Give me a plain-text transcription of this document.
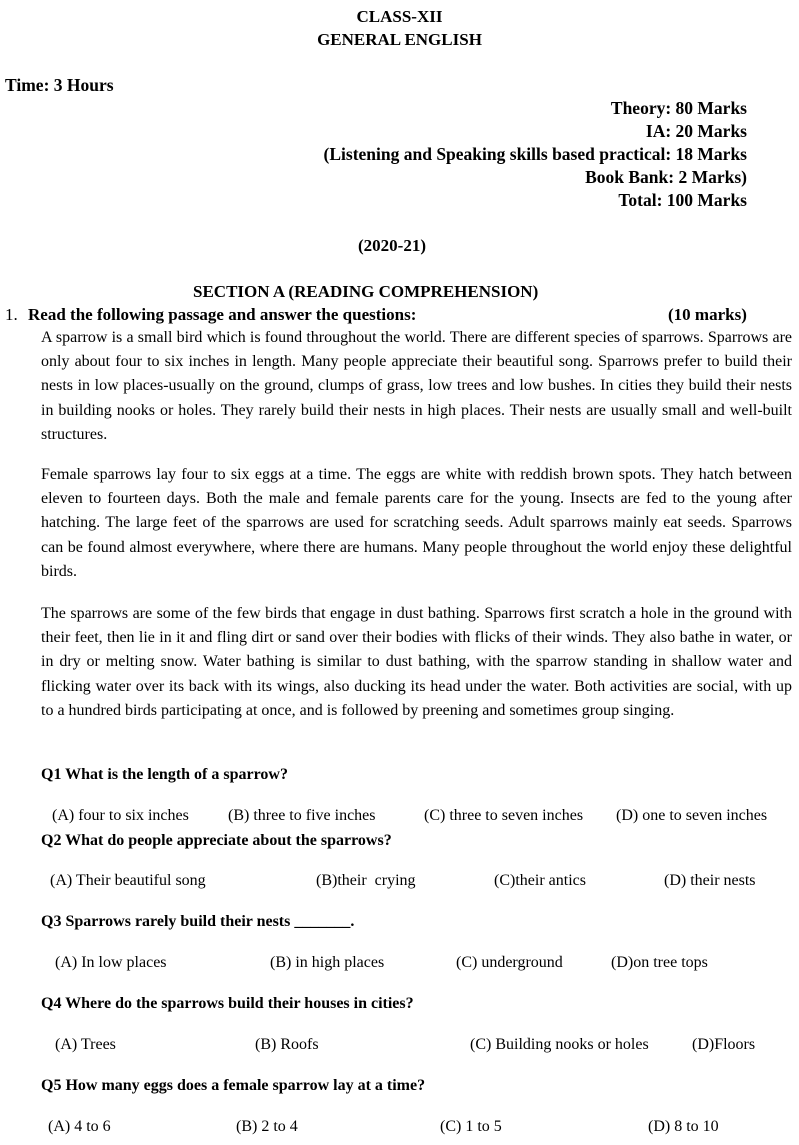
CLASS-XII
GENERAL ENGLISH
Time: 3 Hours
Theory: 80 Marks
IA: 20 Marks
(Listening and Speaking skills based practical: 18 Marks
Book Bank: 2 Marks)
Total: 100 Marks
(2020-21)
SECTION A (READING COMPREHENSION)
1. Read the following passage and answer the questions:	(10 marks)
A sparrow is a small bird which is found throughout the world. There are different species of sparrows. Sparrows are only about four to six inches in length. Many people appreciate their beautiful song. Sparrows prefer to build their nests in low places-usually on the ground, clumps of grass, low trees and low bushes. In cities they build their nests in building nooks or holes. They rarely build their nests in high places. Their nests are usually small and well-built structures.
Female sparrows lay four to six eggs at a time. The eggs are white with reddish brown spots. They hatch between eleven to fourteen days. Both the male and female parents care for the young. Insects are fed to the young after hatching. The large feet of the sparrows are used for scratching seeds. Adult sparrows mainly eat seeds. Sparrows can be found almost everywhere, where there are humans. Many people throughout the world enjoy these delightful birds.
The sparrows are some of the few birds that engage in dust bathing. Sparrows first scratch a hole in the ground with their feet, then lie in it and fling dirt or sand over their bodies with flicks of their winds. They also bathe in water, or in dry or melting snow. Water bathing is similar to dust bathing, with the sparrow standing in shallow water and flicking water over its back with its wings, also ducking its head under the water. Both activities are social, with up to a hundred birds participating at once, and is followed by preening and sometimes group singing.
Q1 What is the length of a sparrow?
(A) four to six inches (B) three to five inches	(C) three to seven inches (D) one to seven inches
Q2 What do people appreciate about the sparrows?
(A) Their beautiful song	(B)their  crying	(C)their antics	(D) their nests
Q3 Sparrows rarely build their nests _______.
(A) In low places	(B) in high places	(C) underground	(D)on tree tops
Q4 Where do the sparrows build their houses in cities?
(A) Trees	(B) Roofs	(C) Building nooks or holes	(D)Floors
Q5 How many eggs does a female sparrow lay at a time?
(A) 4 to 6	(B) 2 to 4	(C) 1 to 5	(D) 8 to 10
